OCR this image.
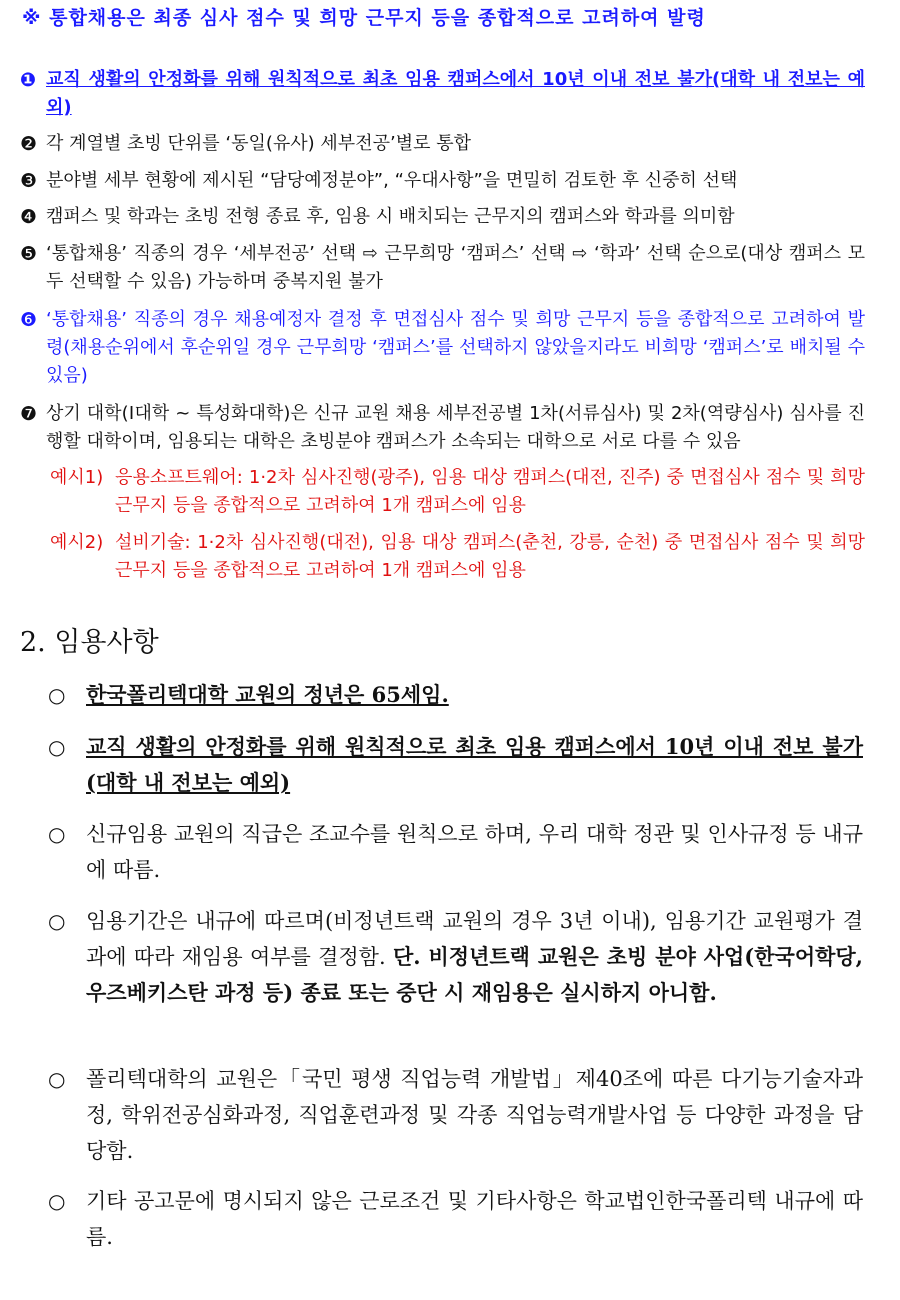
※ 통합채용은 최종 심사 점수 및 희망 근무지 등을 종합적으로 고려하여 발령
❶ 교직 생활의 안정화를 위해 원칙적으로 최초 임용 캠퍼스에서 10년 이내 전보 불가(대학 내 전보는 예외)
❷ 각 계열별 초빙 단위를 ‘동일(유사) 세부전공’별로 통합
❸ 분야별 세부 현황에 제시된 “담당예정분야”, “우대사항”을 면밀히 검토한 후 신중히 선택
❹ 캠퍼스 및 학과는 초빙 전형 종료 후, 임용 시 배치되는 근무지의 캠퍼스와 학과를 의미함
❺ ‘통합채용’ 직종의 경우 ‘세부전공’ 선택 ⇨ 근무희망 ‘캠퍼스’ 선택 ⇨ ‘학과’ 선택 순으로(대상 캠퍼스 모두 선택할 수 있음) 가능하며 중복지원 불가
❻ ‘통합채용’ 직종의 경우 채용예정자 결정 후 면접심사 점수 및 희망 근무지 등을 종합적으로 고려하여 발령(채용순위에서 후순위일 경우 근무희망 ‘캠퍼스’를 선택하지 않았을지라도 비희망 ‘캠퍼스’로 배치될 수 있음)
❼ 상기 대학(Ⅰ대학 ~ 특성화대학)은 신규 교원 채용 세부전공별 1차(서류심사) 및 2차(역량심사) 심사를 진행할 대학이며, 임용되는 대학은 초빙분야 캠퍼스가 소속되는 대학으로 서로 다를 수 있음
예시1) 응용소프트웨어: 1·2차 심사진행(광주), 임용 대상 캠퍼스(대전, 진주) 중 면접심사 점수 및 희망 근무지 등을 종합적으로 고려하여 1개 캠퍼스에 임용
예시2) 설비기술: 1·2차 심사진행(대전), 임용 대상 캠퍼스(춘천, 강릉, 순천) 중 면접심사 점수 및 희망 근무지 등을 종합적으로 고려하여 1개 캠퍼스에 임용
2. 임용사항
○ 한국폴리텍대학 교원의 정년은 65세임.
○ 교직 생활의 안정화를 위해 원칙적으로 최초 임용 캠퍼스에서 10년 이내 전보 불가(대학 내 전보는 예외)
○ 신규임용 교원의 직급은 조교수를 원칙으로 하며, 우리 대학 정관 및 인사규정 등 내규에 따름.
○ 임용기간은 내규에 따르며(비정년트랙 교원의 경우 3년 이내), 임용기간 교원평가 결과에 따라 재임용 여부를 결정함. 단. 비정년트랙 교원은 초빙 분야 사업(한국어학당, 우즈베키스탄 과정 등) 종료 또는 중단 시 재임용은 실시하지 아니함.
○ 폴리텍대학의 교원은「국민 평생 직업능력 개발법」제40조에 따른 다기능기술자과정, 학위전공심화과정, 직업훈련과정 및 각종 직업능력개발사업 등 다양한 과정을 담당함.
○ 기타 공고문에 명시되지 않은 근로조건 및 기타사항은 학교법인한국폴리텍 내규에 따름.
